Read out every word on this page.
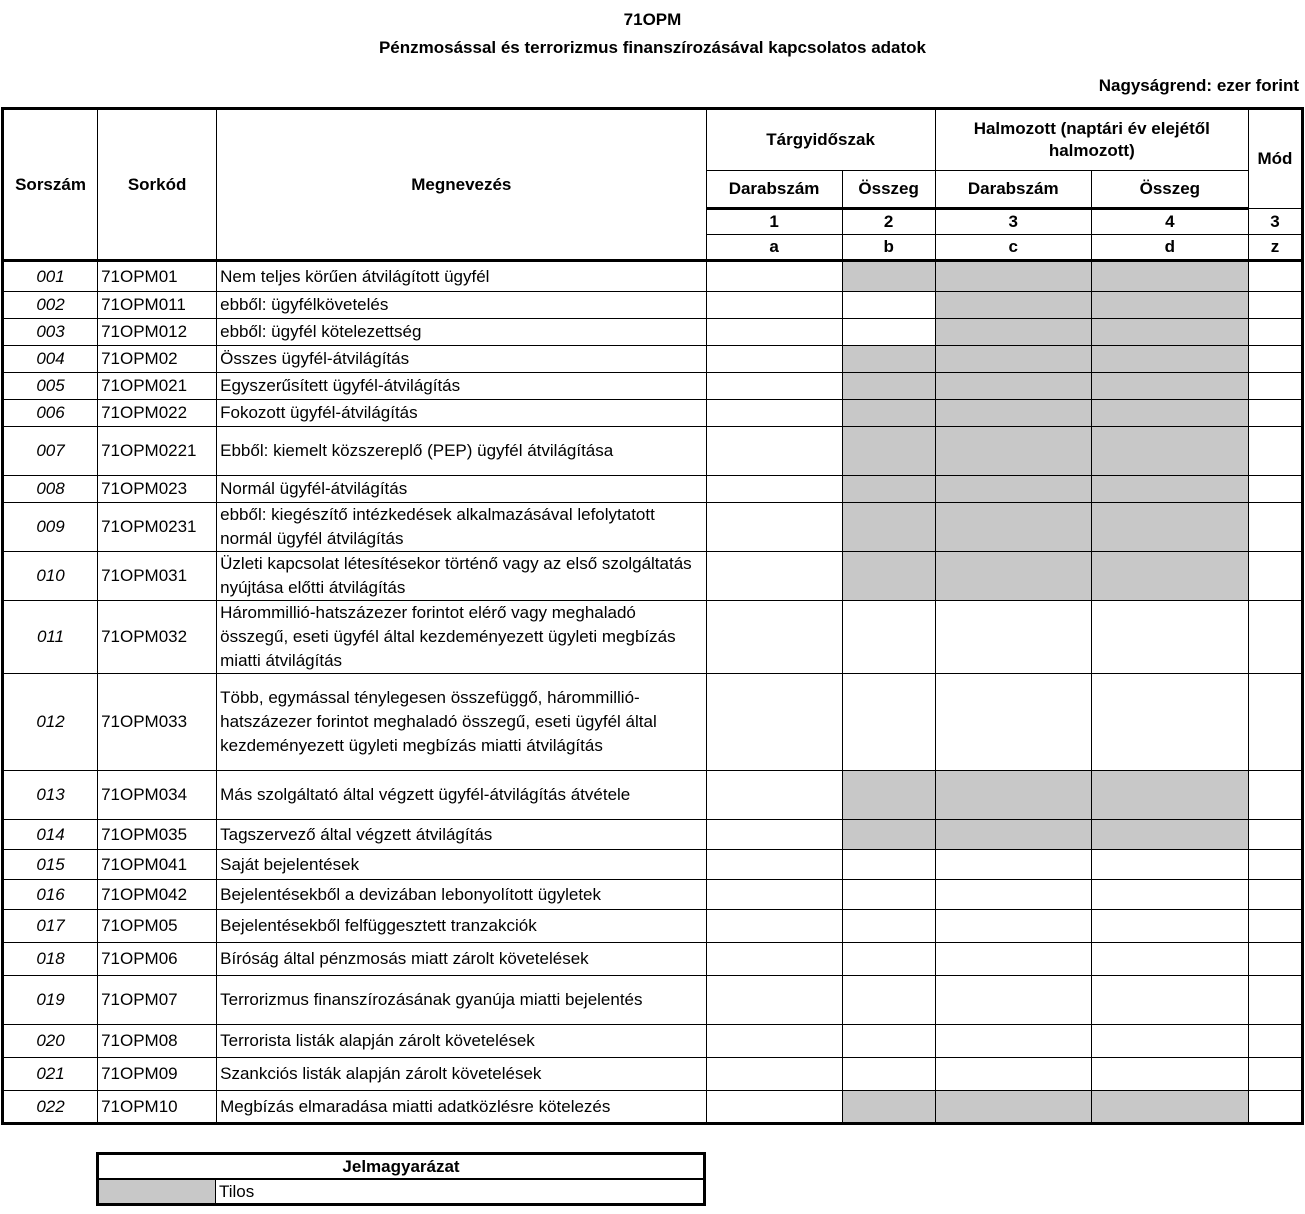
71OPM
Pénzmosással és terrorizmus finanszírozásával kapcsolatos adatok
Nagyságrend: ezer forint
Sorszám	Sorkód	Megnevezés	Tárgyidőszak		Halmozott (naptári év elejétől halmozott)		Mód
			Darabszám	Összeg	Darabszám	Összeg	
			1	2	3	4	3
			a	b	c	d	z
001	71OPM01	Nem teljes körűen átvilágított ügyfél					
002	71OPM011	ebből: ügyfélkövetelés					
003	71OPM012	ebből: ügyfél kötelezettség					
004	71OPM02	Összes ügyfél-átvilágítás					
005	71OPM021	Egyszerűsített ügyfél-átvilágítás					
006	71OPM022	Fokozott ügyfél-átvilágítás					
007	71OPM0221	Ebből: kiemelt közszereplő (PEP) ügyfél átvilágítása					
008	71OPM023	Normál ügyfél-átvilágítás					
009	71OPM0231	ebből: kiegészítő intézkedések alkalmazásával lefolytatott normál ügyfél átvilágítás					
010	71OPM031	Üzleti kapcsolat létesítésekor történő vagy az első szolgáltatás nyújtása előtti átvilágítás					
011	71OPM032	Hárommillió-hatszázezer forintot elérő vagy meghaladó összegű, eseti ügyfél által kezdeményezett ügyleti megbízás miatti átvilágítás					
012	71OPM033	Több, egymással ténylegesen összefüggő, hárommillió-hatszázezer forintot meghaladó összegű, eseti ügyfél által kezdeményezett ügyleti megbízás miatti átvilágítás					
013	71OPM034	Más szolgáltató által végzett ügyfél-átvilágítás átvétele					
014	71OPM035	Tagszervező által végzett átvilágítás					
015	71OPM041	Saját bejelentések					
016	71OPM042	Bejelentésekből a devizában lebonyolított ügyletek					
017	71OPM05	Bejelentésekből felfüggesztett tranzakciók					
018	71OPM06	Bíróság által pénzmosás miatt zárolt követelések					
019	71OPM07	Terrorizmus finanszírozásának gyanúja miatti bejelentés					
020	71OPM08	Terrorista listák alapján zárolt követelések					
021	71OPM09	Szankciós listák alapján zárolt követelések					
022	71OPM10	Megbízás elmaradása miatti adatközlésre kötelezés					
Jelmagyarázat
	Tilos
